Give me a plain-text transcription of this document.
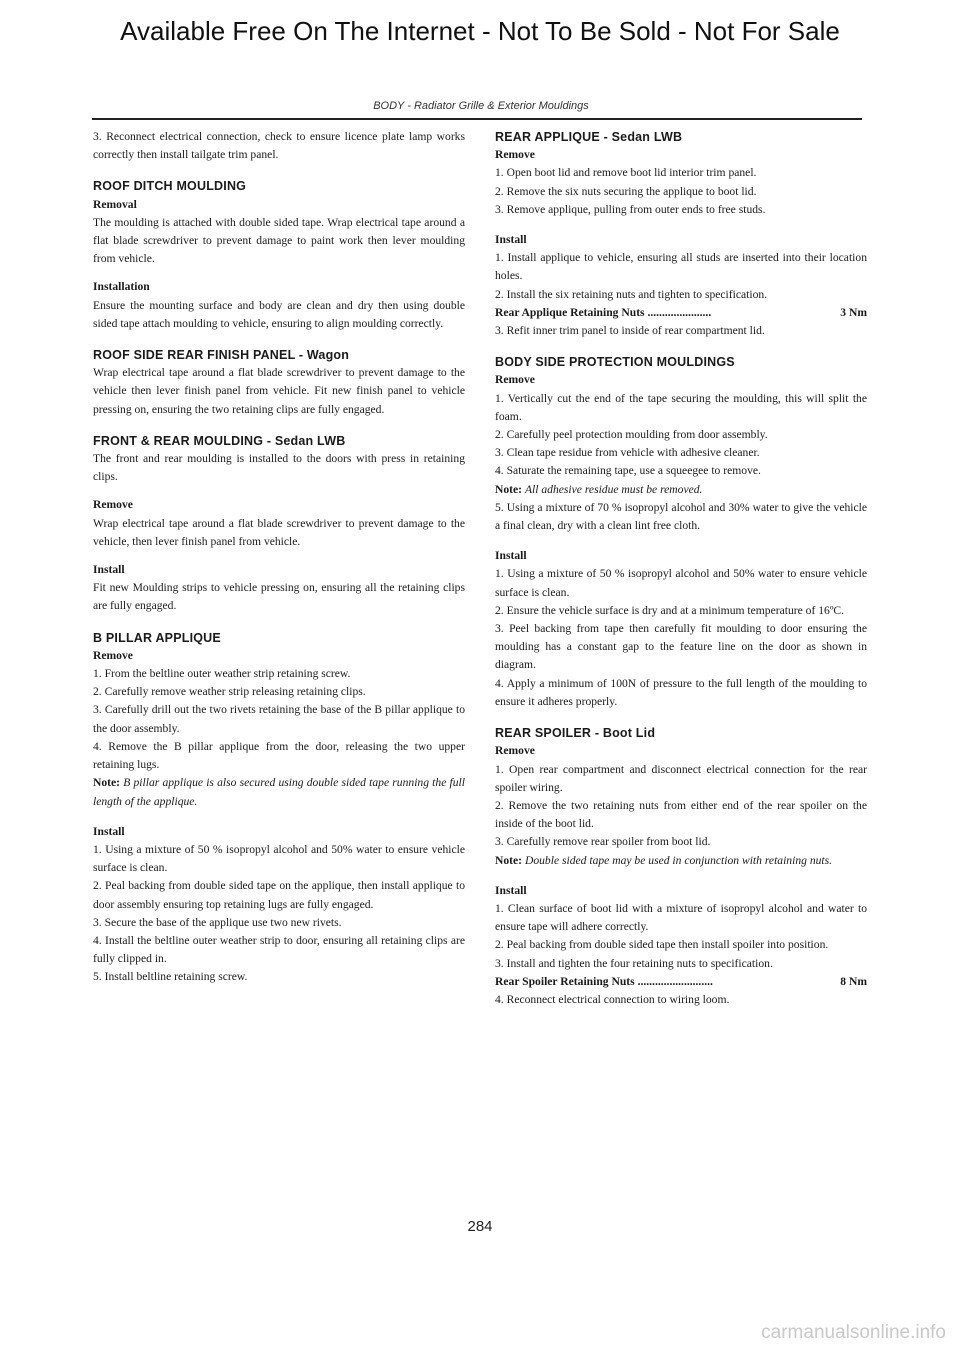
Available Free On The Internet - Not To Be Sold - Not For Sale
BODY - Radiator Grille & Exterior Mouldings

3. Reconnect electrical connection, check to ensure licence plate lamp works correctly then install tailgate trim panel.

ROOF DITCH MOULDING

Removal

The moulding is attached with double sided tape. Wrap electrical tape around a flat blade screwdriver to prevent damage to paint work then lever moulding from vehicle.

Installation

Ensure the mounting surface and body are clean and dry then using double sided tape attach moulding to vehicle, ensuring to align moulding correctly.

ROOF SIDE REAR FINISH PANEL - Wagon

Wrap electrical tape around a flat blade screwdriver to prevent damage to the vehicle then lever finish panel from vehicle. Fit new finish panel to vehicle pressing on, ensuring the two retaining clips are fully engaged.

FRONT & REAR MOULDING - Sedan LWB

The front and rear moulding is installed to the doors with press in retaining clips.

Remove

Wrap electrical tape around a flat blade screwdriver to prevent damage to the vehicle, then lever finish panel from vehicle.

Install

Fit new Moulding strips to vehicle pressing on, ensuring all the retaining clips are fully engaged.

B PILLAR APPLIQUE

Remove

1. From the beltline outer weather strip retaining screw.

2. Carefully remove weather strip releasing retaining clips.

3. Carefully drill out the two rivets retaining the base of the B pillar applique to the door assembly.

4. Remove the B pillar applique from the door, releasing the two upper retaining lugs.

Note: B pillar applique is also secured using double sided tape running the full length of the applique.

Install

1. Using a mixture of 50 % isopropyl alcohol and 50% water to ensure vehicle surface is clean.

2. Peal backing from double sided tape on the applique, then install applique to door assembly ensuring top retaining lugs are fully engaged.

3. Secure the base of the applique use two new rivets.

4. Install the beltline outer weather strip to door, ensuring all retaining clips are fully clipped in.

5. Install beltline retaining screw.

REAR APPLIQUE - Sedan LWB

Remove

1. Open boot lid and remove boot lid interior trim panel.

2. Remove the six nuts securing the applique to boot lid.

3. Remove applique, pulling from outer ends to free studs.

Install

1. Install applique to vehicle, ensuring all studs are inserted into their location holes.

2. Install the six retaining nuts and tighten to specification.

Rear Applique Retaining Nuts ......................	3 Nm

3. Refit inner trim panel to inside of rear compartment lid.

BODY SIDE PROTECTION MOULDINGS

Remove

1. Vertically cut the end of the tape securing the moulding, this will split the foam.

2. Carefully peel protection moulding from door assembly.

3. Clean tape residue from vehicle with adhesive cleaner.

4. Saturate the remaining tape, use a squeegee to remove.

Note: All adhesive residue must be removed.

5. Using a mixture of 70 % isopropyl alcohol and 30% water to give the vehicle a final clean, dry with a clean lint free cloth.

Install

1. Using a mixture of 50 % isopropyl alcohol and 50% water to ensure vehicle surface is clean.

2. Ensure the vehicle surface is dry and at a minimum temperature of 16ºC.

3. Peel backing from tape then carefully fit moulding to door ensuring the moulding has a constant gap to the feature line on the door as shown in diagram.

4. Apply a minimum of 100N of pressure to the full length of the moulding to ensure it adheres properly.

REAR SPOILER - Boot Lid

Remove

1. Open rear compartment and disconnect electrical connection for the rear spoiler wiring.

2. Remove the two retaining nuts from either end of the rear spoiler on the inside of the boot lid.

3. Carefully remove rear spoiler from boot lid.

Note: Double sided tape may be used in conjunction with retaining nuts.

Install

1. Clean surface of boot lid with a mixture of isopropyl alcohol and water to ensure tape will adhere correctly.

2. Peal backing from double sided tape then install spoiler into position.

3. Install and tighten the four retaining nuts to specification.

Rear Spoiler Retaining Nuts ..........................	8 Nm

4. Reconnect electrical connection to wiring loom.

284
carmanualsonline.info
